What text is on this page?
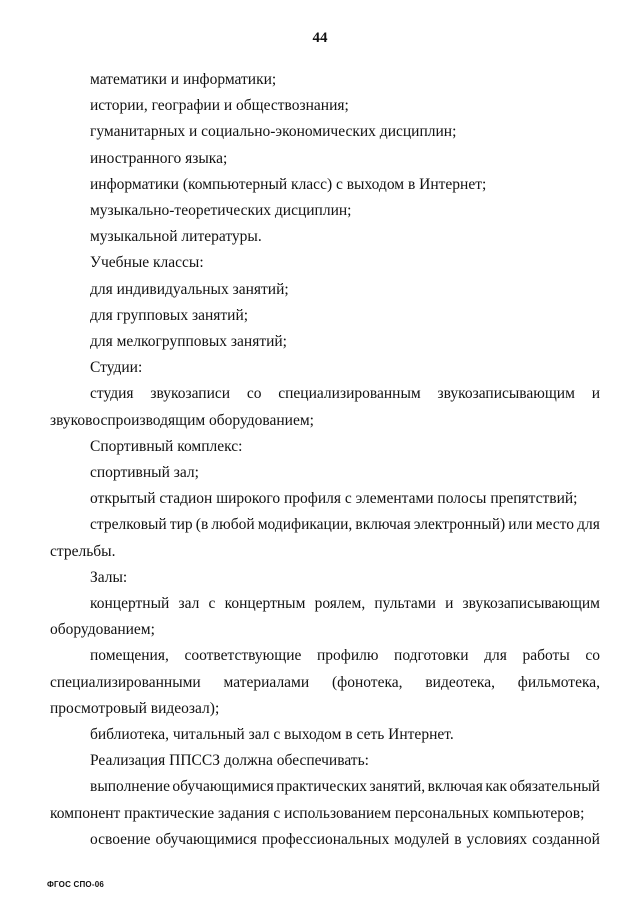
44
математики и информатики;
истории, географии и обществознания;
гуманитарных и социально-экономических дисциплин;
иностранного языка;
информатики (компьютерный класс) с выходом в Интернет;
музыкально-теоретических дисциплин;
музыкальной литературы.
Учебные классы:
для индивидуальных занятий;
для групповых занятий;
для мелкогрупповых занятий;
Студии:
студия звукозаписи со специализированным звукозаписывающим и
звуковоспроизводящим оборудованием;
Спортивный комплекс:
спортивный зал;
открытый стадион широкого профиля с элементами полосы препятствий;
стрелковый тир (в любой модификации, включая электронный) или место для
стрельбы.
Залы:
концертный зал с концертным роялем, пультами и звукозаписывающим
оборудованием;
помещения, соответствующие профилю подготовки для работы со
специализированными материалами (фонотека, видеотека, фильмотека,
просмотровый видеозал);
библиотека, читальный зал с выходом в сеть Интернет.
Реализация ППССЗ должна обеспечивать:
выполнение обучающимися практических занятий, включая как обязательный
компонент практические задания с использованием персональных компьютеров;
освоение обучающимися профессиональных модулей в условиях созданной
ФГОС СПО-06
